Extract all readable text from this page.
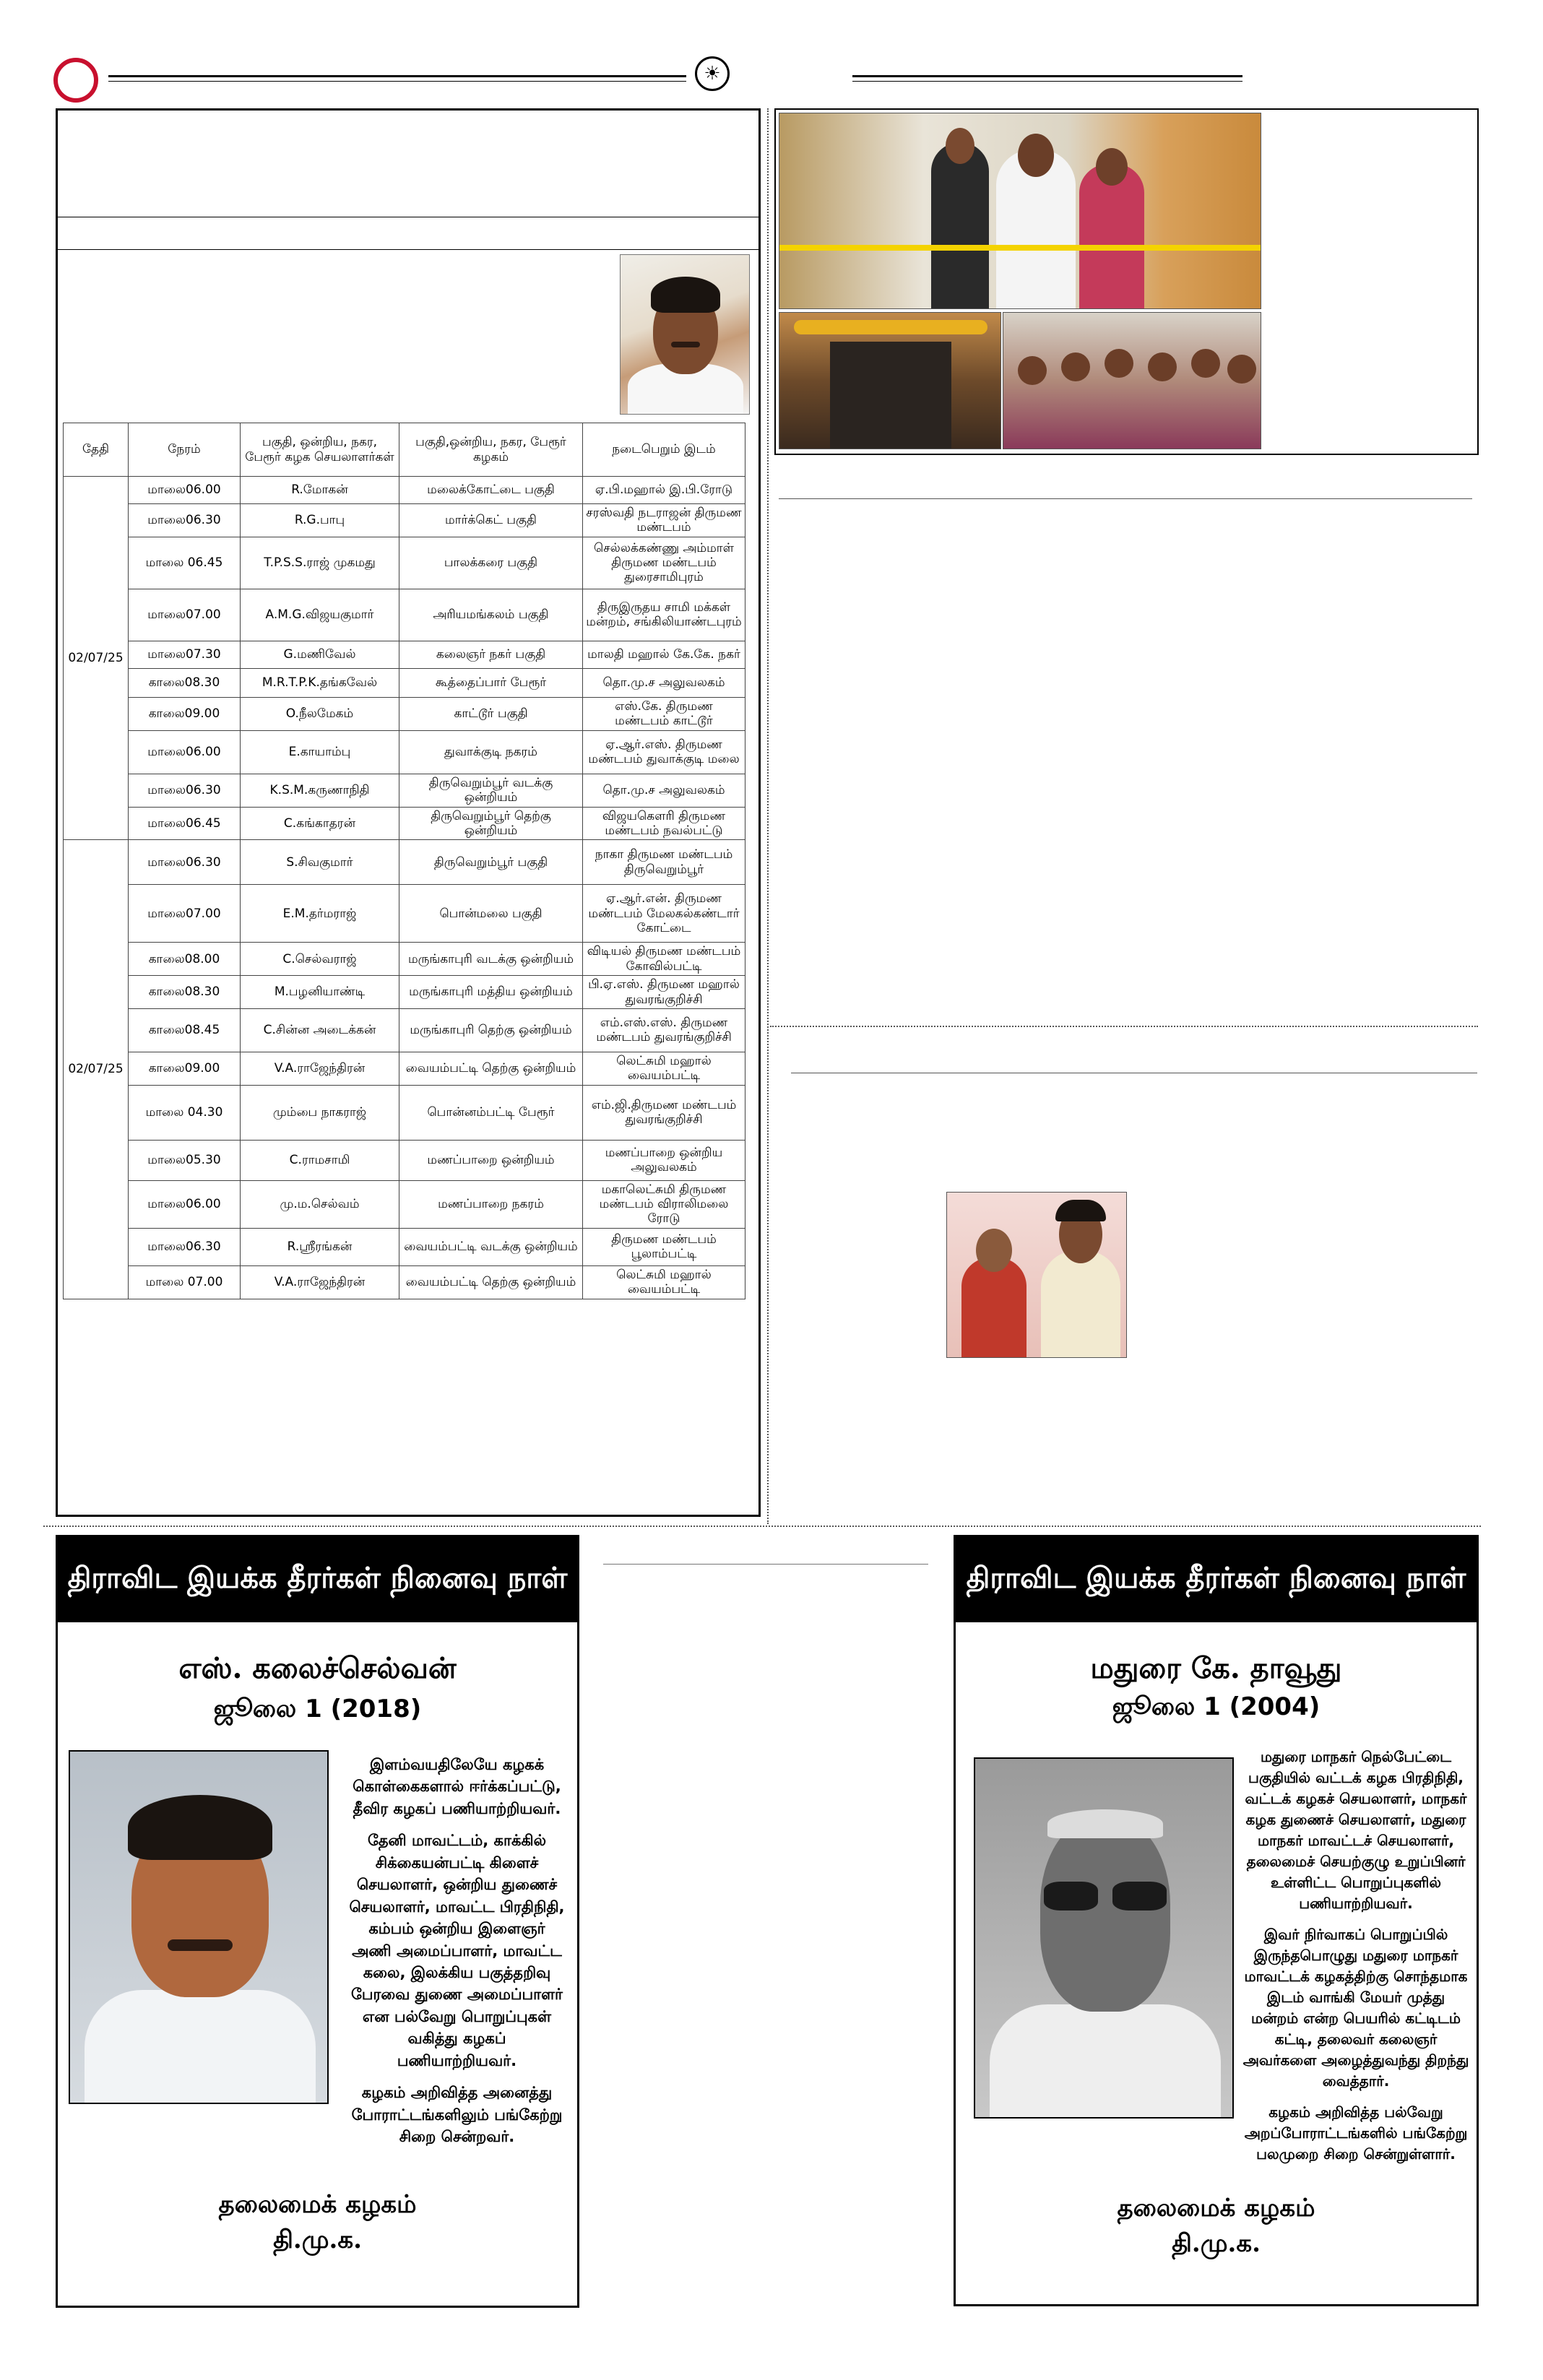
☀
தேதி	நேரம்	பகுதி, ஒன்றிய, நகர, பேரூர் கழக செயலாளர்கள்	பகுதி,ஒன்றிய, நகர, பேரூர் கழகம்	நடைபெறும் இடம்
02/07/25	மாலை06.00	R.மோகன்	மலைக்கோட்டை பகுதி	ஏ.பி.மஹால் இ.பி.ரோடு
	மாலை06.30	R.G.பாபு	மார்க்கெட் பகுதி	சரஸ்வதி நடராஜன் திருமண மண்டபம்
	மாலை 06.45	T.P.S.S.ராஜ் முகமது	பாலக்கரை பகுதி	செல்லக்கண்ணு அம்மாள் திருமண மண்டபம் துரைசாமிபுரம்
	மாலை07.00	A.M.G.விஜயகுமார்	அரியமங்கலம் பகுதி	திருஇருதய சாமி மக்கள் மன்றம், சங்கிலியாண்டபுரம்
	மாலை07.30	G.மணிவேல்	கலைஞர் நகர் பகுதி	மாலதி மஹால் கே.கே. நகர்
	காலை08.30	M.R.T.P.K.தங்கவேல்	கூத்தைப்பார் பேரூர்	தொ.மு.ச அலுவலகம்
	காலை09.00	O.நீலமேகம்	காட்டூர் பகுதி	எஸ்.கே. திருமண மண்டபம் காட்டூர்
	மாலை06.00	E.காயாம்பு	துவாக்குடி நகரம்	ஏ.ஆர்.எஸ். திருமண மண்டபம் துவாக்குடி மலை
	மாலை06.30	K.S.M.கருணாநிதி	திருவெறும்பூர் வடக்கு ஒன்றியம்	தொ.மு.ச அலுவலகம்
	மாலை06.45	C.கங்காதரன்	திருவெறும்பூர் தெற்கு ஒன்றியம்	விஜயகௌரி திருமண மண்டபம் நவல்பட்டு
02/07/25	மாலை06.30	S.சிவகுமார்	திருவெறும்பூர் பகுதி	நாகா திருமண மண்டபம் திருவெறும்பூர்
	மாலை07.00	E.M.தர்மராஜ்	பொன்மலை பகுதி	ஏ.ஆர்.என். திருமண மண்டபம் மேலகல்கண்டார் கோட்டை
	காலை08.00	C.செல்வராஜ்	மருங்காபுரி வடக்கு ஒன்றியம்	விடியல் திருமண மண்டபம் கோவில்பட்டி
	காலை08.30	M.பழனியாண்டி	மருங்காபுரி மத்திய ஒன்றியம்	பி.ஏ.எஸ். திருமண மஹால் துவரங்குறிச்சி
	காலை08.45	C.சின்ன அடைக்கன்	மருங்காபுரி தெற்கு ஒன்றியம்	எம்.எஸ்.எஸ். திருமண மண்டபம் துவரங்குறிச்சி
	காலை09.00	V.A.ராஜேந்திரன்	வையம்பட்டி தெற்கு ஒன்றியம்	லெட்சுமி மஹால் வையம்பட்டி
	மாலை 04.30	மும்பை நாகராஜ்	பொன்னம்பட்டி பேரூர்	எம்.ஜி.திருமண மண்டபம் துவரங்குறிச்சி
	மாலை05.30	C.ராமசாமி	மணப்பாறை ஒன்றியம்	மணப்பாறை ஒன்றிய அலுவலகம்
	மாலை06.00	மு.ம.செல்வம்	மணப்பாறை நகரம்	மகாலெட்சுமி திருமண மண்டபம் விராலிமலை ரோடு
	மாலை06.30	R.ஸ்ரீரங்கன்	வையம்பட்டி வடக்கு ஒன்றியம்	திருமண மண்டபம் பூலாம்பட்டி
	மாலை 07.00	V.A.ராஜேந்திரன்	வையம்பட்டி தெற்கு ஒன்றியம்	லெட்சுமி மஹால் வையம்பட்டி
திராவிட இயக்க தீரர்கள் நினைவு நாள்
எஸ். கலைச்செல்வன்
ஜூலை 1 (2018)

இளம்வயதிலேயே கழகக் கொள்கைகளால் ஈர்க்கப்பட்டு, தீவிர கழகப் பணியாற்றியவர்.

தேனி மாவட்டம், காக்கில் சிக்கையன்பட்டி கிளைச் செயலாளர், ஒன்றிய துணைச் செயலாளர், மாவட்ட பிரதிநிதி, கம்பம் ஒன்றிய இளைஞர் அணி அமைப்பாளர், மாவட்ட கலை, இலக்கிய பகுத்தறிவு பேரவை துணை அமைப்பாளர் என பல்வேறு பொறுப்புகள் வகித்து கழகப் பணியாற்றியவர்.

கழகம் அறிவித்த அனைத்து போராட்டங்களிலும் பங்கேற்று சிறை சென்றவர்.

தலைமைக் கழகம்
தி.மு.க.
திராவிட இயக்க தீரர்கள் நினைவு நாள்
மதுரை கே. தாவூது
ஜூலை 1 (2004)

மதுரை மாநகர் நெல்பேட்டை பகுதியில் வட்டக் கழக பிரதிநிதி, வட்டக் கழகச் செயலாளர், மாநகர் கழக துணைச் செயலாளர், மதுரை மாநகர் மாவட்டச் செயலாளர், தலைமைச் செயற்குழு உறுப்பினர் உள்ளிட்ட பொறுப்புகளில் பணியாற்றியவர்.

இவர் நிர்வாகப் பொறுப்பில் இருந்தபொழுது மதுரை மாநகர் மாவட்டக் கழகத்திற்கு சொந்தமாக இடம் வாங்கி மேயர் முத்து மன்றம் என்ற பெயரில் கட்டிடம் கட்டி, தலைவர் கலைஞர் அவர்களை அழைத்துவந்து திறந்து வைத்தார்.

கழகம் அறிவித்த பல்வேறு அறப்போராட்டங்களில் பங்கேற்று பலமுறை சிறை சென்றுள்ளார்.

தலைமைக் கழகம்
தி.மு.க.
